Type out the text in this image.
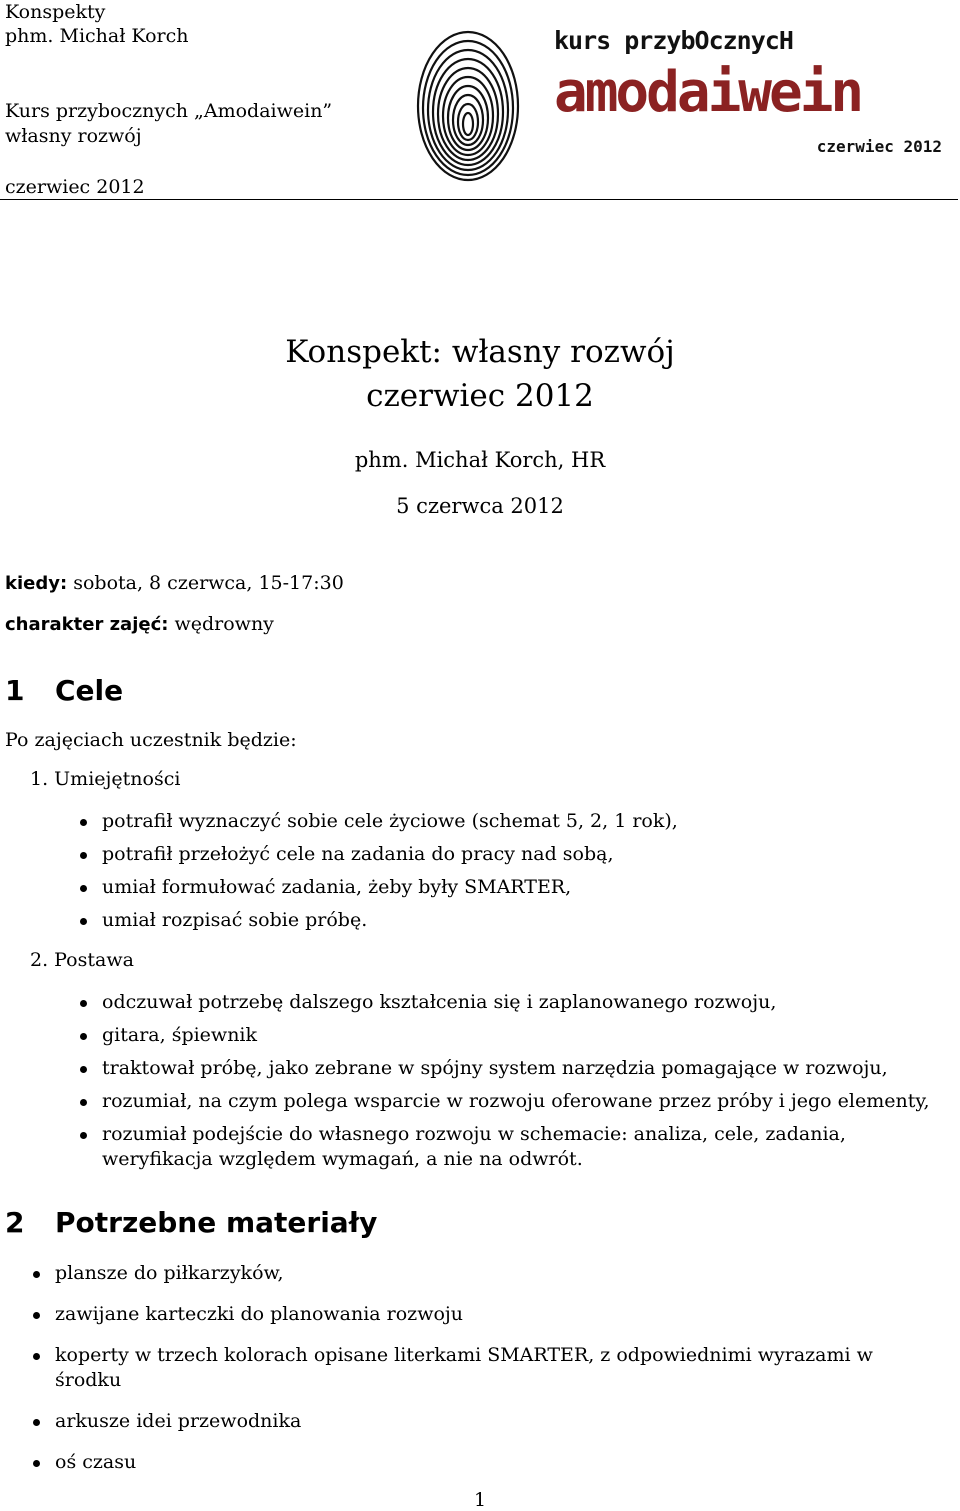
Konspekty
phm. Michał Korch
Kurs przybocznych „Amodaiwein”
własny rozwój
czerwiec 2012
kurs przybOcznycH
amodaiwein
czerwiec 2012
Konspekt: własny rozwój
czerwiec 2012
phm. Michał Korch, HR
5 czerwca 2012
kiedy: sobota, 8 czerwca, 15-17:30
charakter zajęć: wędrowny
1 Cele
Po zajęciach uczestnik będzie:
1. Umiejętności
potrafił wyznaczyć sobie cele życiowe (schemat 5, 2, 1 rok),
potrafił przełożyć cele na zadania do pracy nad sobą,
umiał formułować zadania, żeby były SMARTER,
umiał rozpisać sobie próbę.
2. Postawa
odczuwał potrzebę dalszego kształcenia się i zaplanowanego rozwoju,
gitara, śpiewnik
traktował próbę, jako zebrane w spójny system narzędzia pomagające w rozwoju,
rozumiał, na czym polega wsparcie w rozwoju oferowane przez próby i jego elementy,
rozumiał podejście do własnego rozwoju w schemacie: analiza, cele, zadania, weryfikacja względem wymagań, a nie na odwrót.
2 Potrzebne materiały
plansze do piłkarzyków,
zawijane karteczki do planowania rozwoju
koperty w trzech kolorach opisane literkami SMARTER, z odpowiednimi wyrazami w środku
arkusze idei przewodnika
oś czasu
1
